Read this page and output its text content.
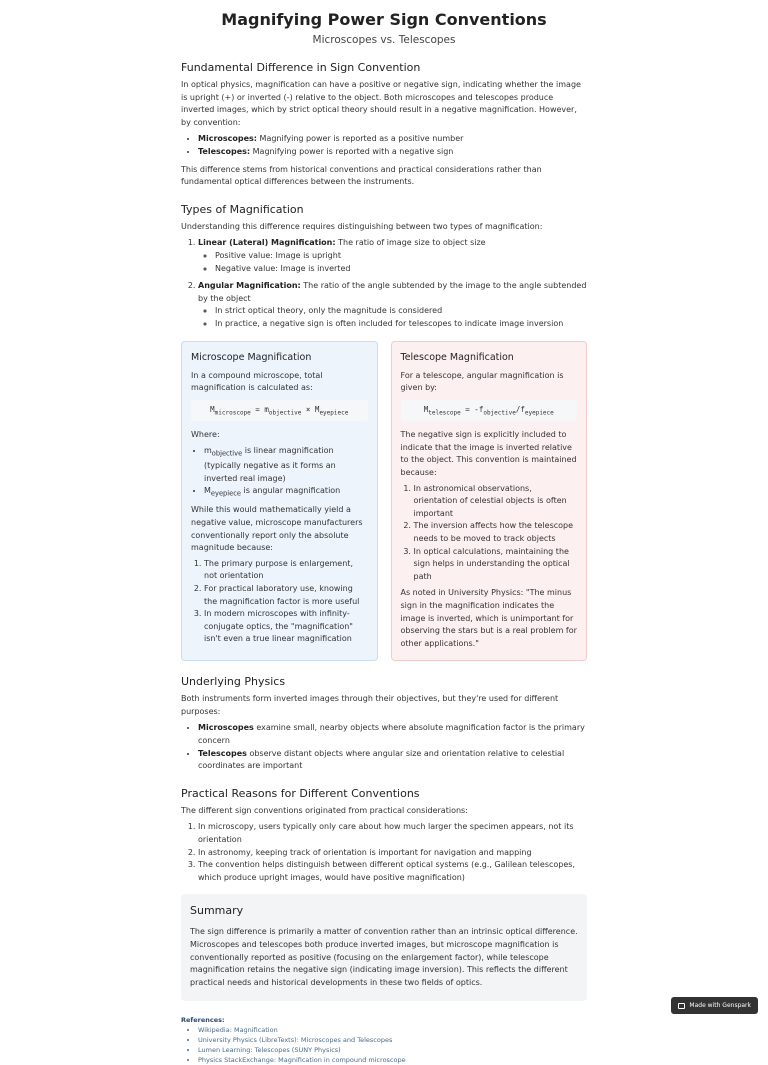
Magnifying Power Sign Conventions
Microscopes vs. Telescopes
Fundamental Difference in Sign Convention

In optical physics, magnification can have a positive or negative sign, indicating whether the image is upright (+) or inverted (-) relative to the object. Both microscopes and telescopes produce inverted images, which by strict optical theory should result in a negative magnification. However, by convention:

• Microscopes: Magnifying power is reported as a positive number
• Telescopes: Magnifying power is reported with a negative sign

This difference stems from historical conventions and practical considerations rather than fundamental optical differences between the instruments.

Types of Magnification

Understanding this difference requires distinguishing between two types of magnification:

1. Linear (Lateral) Magnification: The ratio of image size to object size
◦ Positive value: Image is upright
◦ Negative value: Image is inverted
2. Angular Magnification: The ratio of the angle subtended by the image to the angle subtended by the object
◦ In strict optical theory, only the magnitude is considered
◦ In practice, a negative sign is often included for telescopes to indicate image inversion
Microscope Magnification

In a compound microscope, total magnification is calculated as:

$M_{microscope} = m_{objective} \times M_{eyepiece}$

Where:

• $m_{objective}$ is linear magnification (typically negative as it forms an inverted real image)
• $M_{eyepiece}$ is angular magnification

While this would mathematically yield a negative value, microscope manufacturers conventionally report only the absolute magnitude because:

1. The primary purpose is enlargement, not orientation
2. For practical laboratory use, knowing the magnification factor is more useful
3. In modern microscopes with infinity-conjugate optics, the "magnification" isn't even a true linear magnification
Telescope Magnification

For a telescope, angular magnification is given by:

$M_{telescope} = -f_{objective}/f_{eyepiece}$

The negative sign is explicitly included to indicate that the image is inverted relative to the object. This convention is maintained because:

1. In astronomical observations, orientation of celestial objects is often important
2. The inversion affects how the telescope needs to be moved to track objects
3. In optical calculations, maintaining the sign helps in understanding the optical path

As noted in University Physics: "The minus sign in the magnification indicates the image is inverted, which is unimportant for observing the stars but is a real problem for other applications."

Underlying Physics

Both instruments form inverted images through their objectives, but they're used for different purposes:

• Microscopes examine small, nearby objects where absolute magnification factor is the primary concern
• Telescopes observe distant objects where angular size and orientation relative to celestial coordinates are important
Practical Reasons for Different Conventions

The different sign conventions originated from practical considerations:

1. In microscopy, users typically only care about how much larger the specimen appears, not its orientation
2. In astronomy, keeping track of orientation is important for navigation and mapping
3. The convention helps distinguish between different optical systems (e.g., Galilean telescopes, which produce upright images, would have positive magnification)
Summary

The sign difference is primarily a matter of convention rather than an intrinsic optical difference. Microscopes and telescopes both produce inverted images, but microscope magnification is conventionally reported as positive (focusing on the enlargement factor), while telescope magnification retains the negative sign (indicating image inversion). This reflects the different practical needs and historical developments in these two fields of optics.

References:
• Wikipedia: Magnification
• University Physics (LibreTexts): Microscopes and Telescopes
• Lumen Learning: Telescopes (SUNY Physics)
• Physics StackExchange: Magnification in compound microscope
Made with Genspark
